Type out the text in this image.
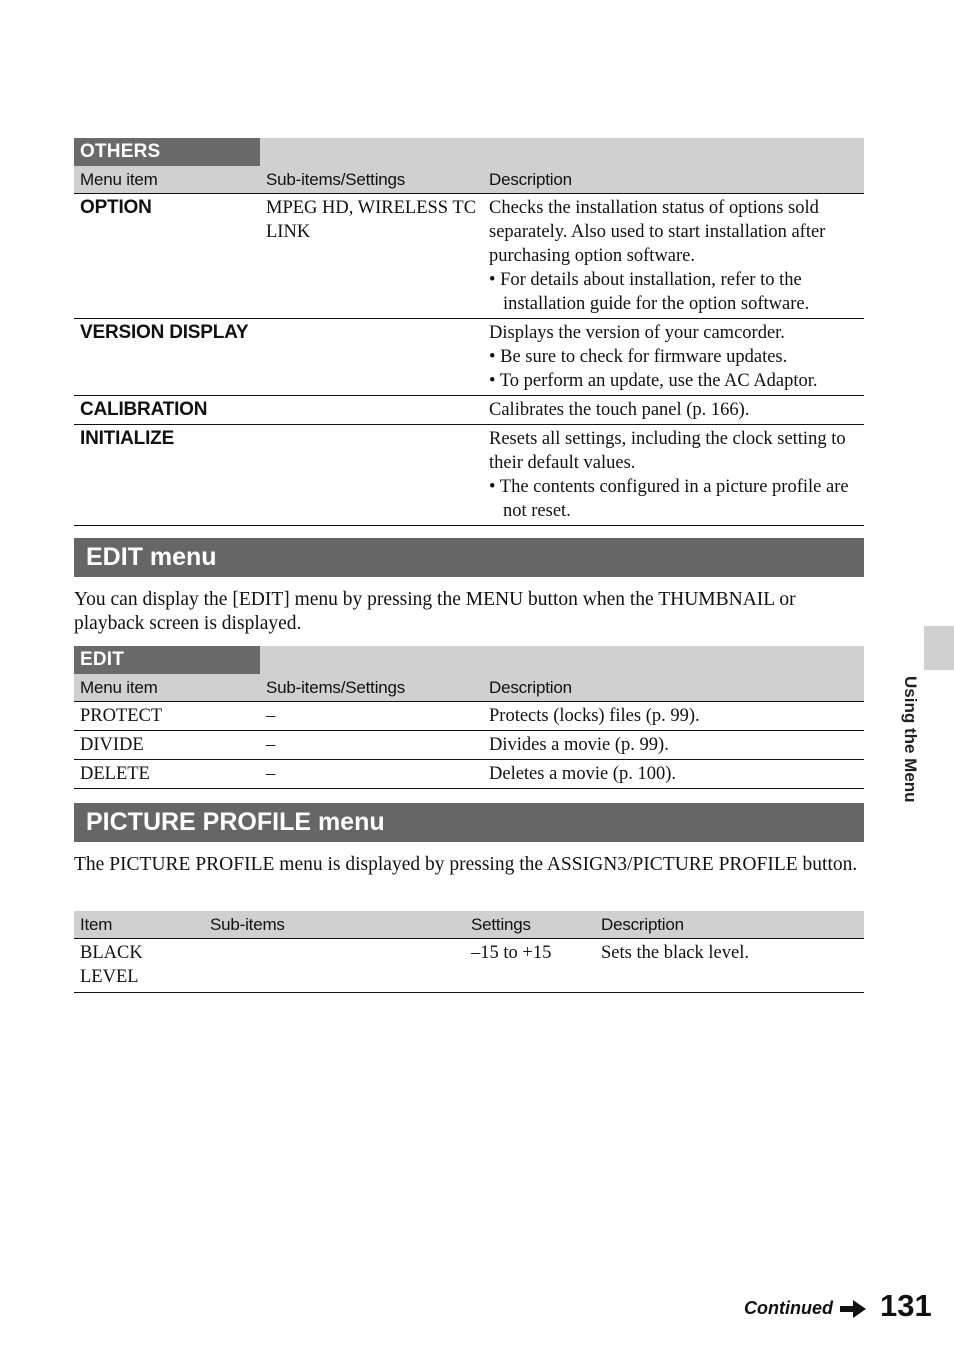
OTHERS		
Menu item	Sub-items/Settings	Description
OPTION	MPEG HD, WIRELESS TC LINK	Checks the installation status of options sold separately. Also used to start installation after purchasing option software.
• For details about installation, refer to the installation guide for the option software.

VERSION DISPLAY		Displays the version of your camcorder.
• Be sure to check for firmware updates.
• To perform an update, use the AC Adaptor.

CALIBRATION		Calibrates the touch panel (p. 166).
INITIALIZE		Resets all settings, including the clock setting to their default values.
• The contents configured in a picture profile are not reset.
EDIT menu
You can display the [EDIT] menu by pressing the MENU button when the THUMBNAIL or playback screen is displayed.
EDIT		
Menu item	Sub-items/Settings	Description
PROTECT	–	Protects (locks) files (p. 99).
DIVIDE	–	Divides a movie (p. 99).
DELETE	–	Deletes a movie (p. 100).
PICTURE PROFILE menu
The PICTURE PROFILE menu is displayed by pressing the ASSIGN3/PICTURE PROFILE button.
Item	Sub-items	Settings	Description
BLACK LEVEL		–15 to +15	Sets the black level.
Using the Menu
Continued 131
